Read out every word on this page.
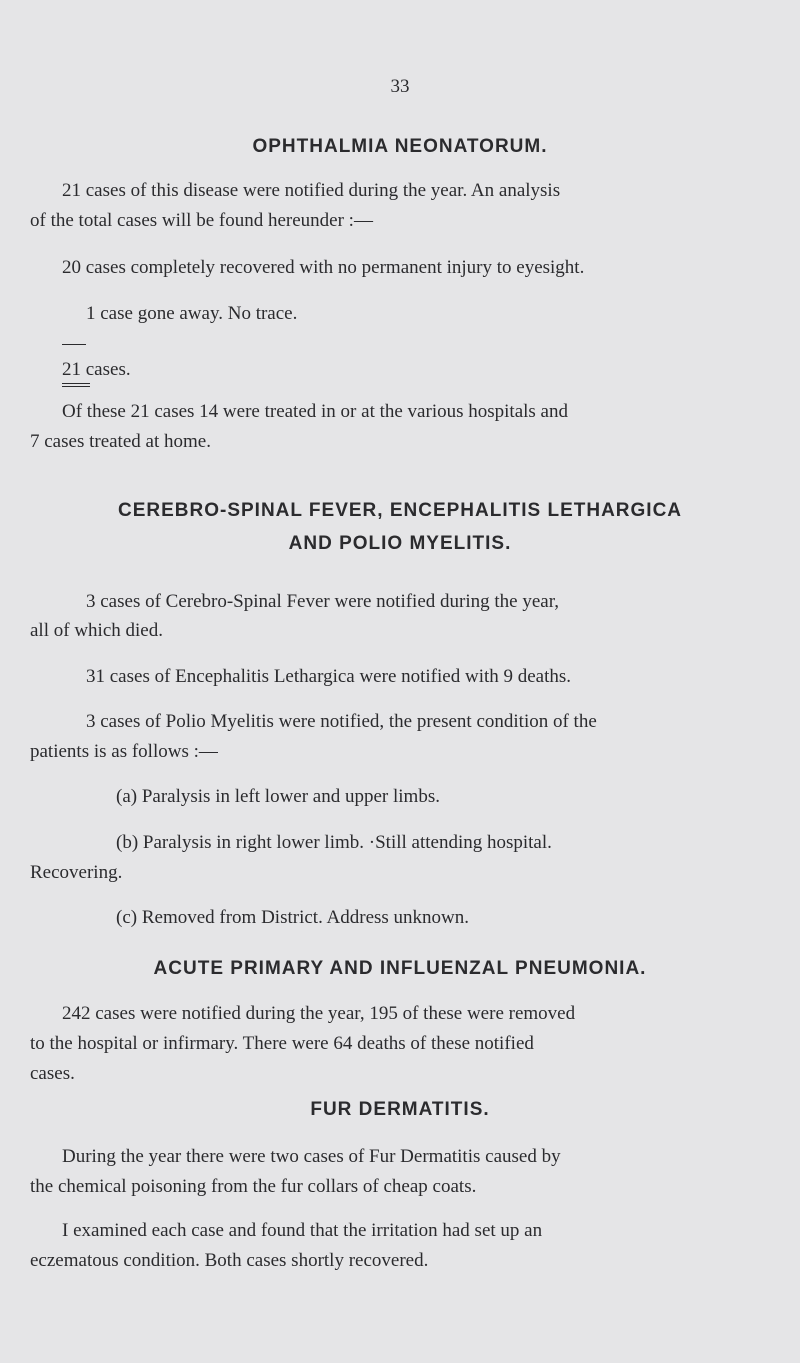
33
OPHTHALMIA NEONATORUM.
21 cases of this disease were notified during the year. An analysis
of the total cases will be found hereunder :—
20 cases completely recovered with no permanent injury to eyesight.
1 case gone away. No trace.
21 cases.
Of these 21 cases 14 were treated in or at the various hospitals and
7 cases treated at home.
CEREBRO-SPINAL FEVER, ENCEPHALITIS LETHARGICA
AND POLIO MYELITIS.
3 cases of Cerebro-Spinal Fever were notified during the year,
all of which died.
31 cases of Encephalitis Lethargica were notified with 9 deaths.
3 cases of Polio Myelitis were notified, the present condition of the
patients is as follows :—
(a) Paralysis in left lower and upper limbs.
(b) Paralysis in right lower limb. ·Still attending hospital.
Recovering.
(c) Removed from District. Address unknown.
ACUTE PRIMARY AND INFLUENZAL PNEUMONIA.
242 cases were notified during the year, 195 of these were removed
to the hospital or infirmary. There were 64 deaths of these notified
cases.
FUR DERMATITIS.
During the year there were two cases of Fur Dermatitis caused by
the chemical poisoning from the fur collars of cheap coats.
I examined each case and found that the irritation had set up an
eczematous condition. Both cases shortly recovered.
